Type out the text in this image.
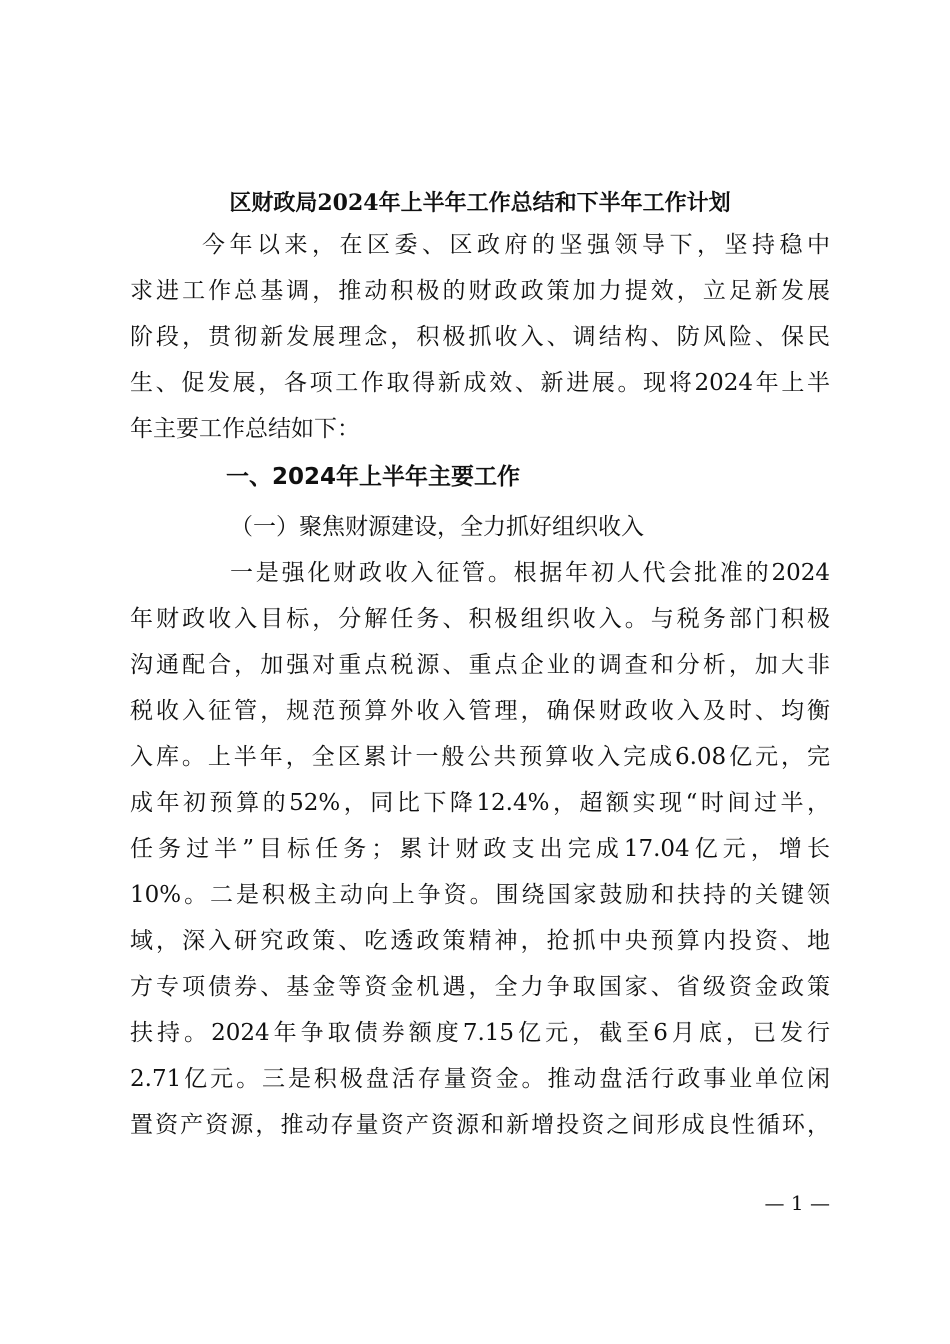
区财政局2024年上半年工作总结和下半年工作计划
今年以来，在区委、区政府的坚强领导下，坚持稳中
求进工作总基调，推动积极的财政政策加力提效，立足新发展
阶段，贯彻新发展理念，积极抓收入、调结构、防风险、保民
生、促发展，各项工作取得新成效、新进展。现将2024年上半
年主要工作总结如下：
一、2024年上半年主要工作
（一）聚焦财源建设，全力抓好组织收入
一是强化财政收入征管。根据年初人代会批准的2024
年财政收入目标，分解任务、积极组织收入。与税务部门积极
沟通配合，加强对重点税源、重点企业的调查和分析，加大非
税收入征管，规范预算外收入管理，确保财政收入及时、均衡
入库。上半年，全区累计一般公共预算收入完成6.08亿元，完
成年初预算的52%，同比下降12.4%，超额实现“时间过半，
任务过半”目标任务；累计财政支出完成17.04亿元，增长
10%。二是积极主动向上争资。围绕国家鼓励和扶持的关键领
域，深入研究政策、吃透政策精神，抢抓中央预算内投资、地
方专项债券、基金等资金机遇，全力争取国家、省级资金政策
扶持。2024年争取债券额度7.15亿元，截至6月底，已发行
2.71亿元。三是积极盘活存量资金。推动盘活行政事业单位闲
置资产资源，推动存量资产资源和新增投资之间形成良性循环，
— 1 —
